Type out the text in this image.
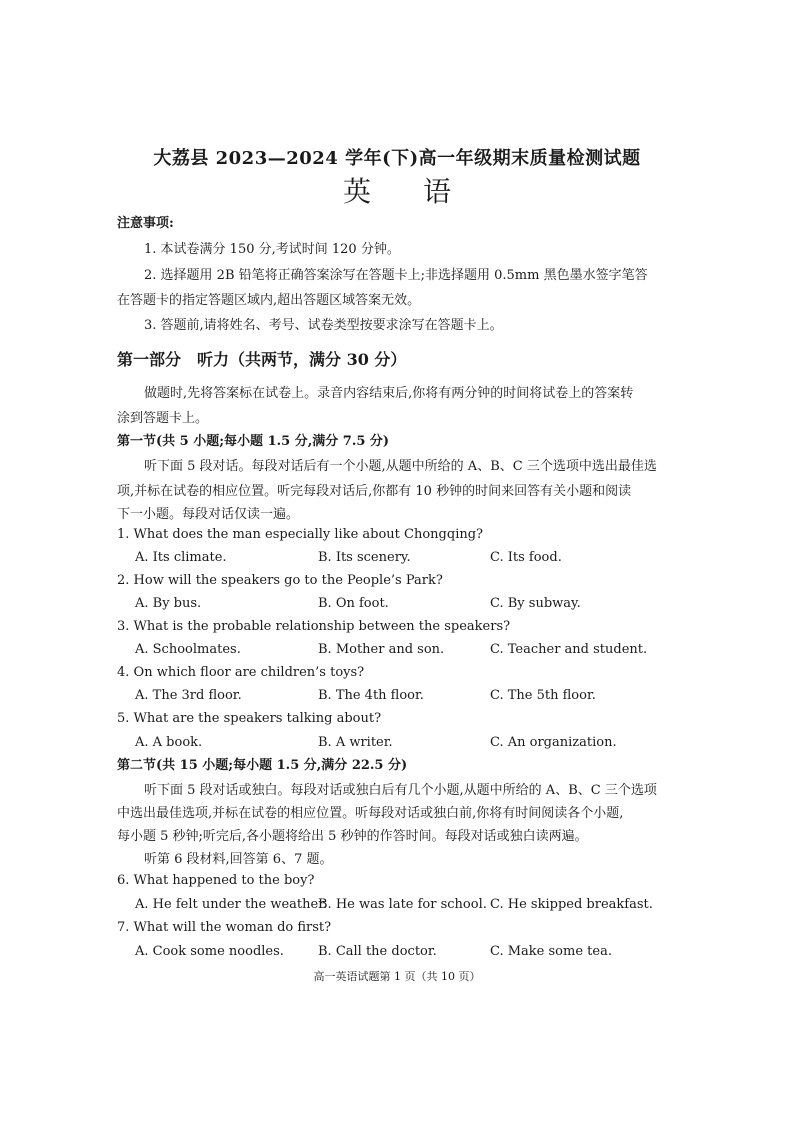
大荔县 2023—2024 学年(下)高一年级期末质量检测试题
英语
注意事项:
1. 本试卷满分 150 分,考试时间 120 分钟。
2. 选择题用 2B 铅笔将正确答案涂写在答题卡上;非选择题用 0.5mm 黑色墨水签字笔答
在答题卡的指定答题区域内,超出答题区域答案无效。
3. 答题前,请将姓名、考号、试卷类型按要求涂写在答题卡上。
第一部分　听力（共两节，满分 30 分）
做题时,先将答案标在试卷上。录音内容结束后,你将有两分钟的时间将试卷上的答案转
涂到答题卡上。
第一节(共 5 小题;每小题 1.5 分,满分 7.5 分)
听下面 5 段对话。每段对话后有一个小题,从题中所给的 A、B、C 三个选项中选出最佳选
项,并标在试卷的相应位置。听完每段对话后,你都有 10 秒钟的时间来回答有关小题和阅读
下一小题。每段对话仅读一遍。
1. What does the man especially like about Chongqing?
A. Its climate.	B. Its scenery.	C. Its food.
2. How will the speakers go to the People’s Park?
A. By bus.	B. On foot.	C. By subway.
3. What is the probable relationship between the speakers?
A. Schoolmates.	B. Mother and son.	C. Teacher and student.
4. On which floor are children’s toys?
A. The 3rd floor.	B. The 4th floor.	C. The 5th floor.
5. What are the speakers talking about?
A. A book.	B. A writer.	C. An organization.
第二节(共 15 小题;每小题 1.5 分,满分 22.5 分)
听下面 5 段对话或独白。每段对话或独白后有几个小题,从题中所给的 A、B、C 三个选项
中选出最佳选项,并标在试卷的相应位置。听每段对话或独白前,你将有时间阅读各个小题,
每小题 5 秒钟;听完后,各小题将给出 5 秒钟的作答时间。每段对话或独白读两遍。
听第 6 段材料,回答第 6、7 题。
6. What happened to the boy?
A. He felt under the weather.
B. He was late for school. C. He skipped breakfast.
7. What will the woman do first?
A. Cook some noodles.	B. Call the doctor.	C. Make some tea.
高一英语试题第 1 页（共 10 页）
